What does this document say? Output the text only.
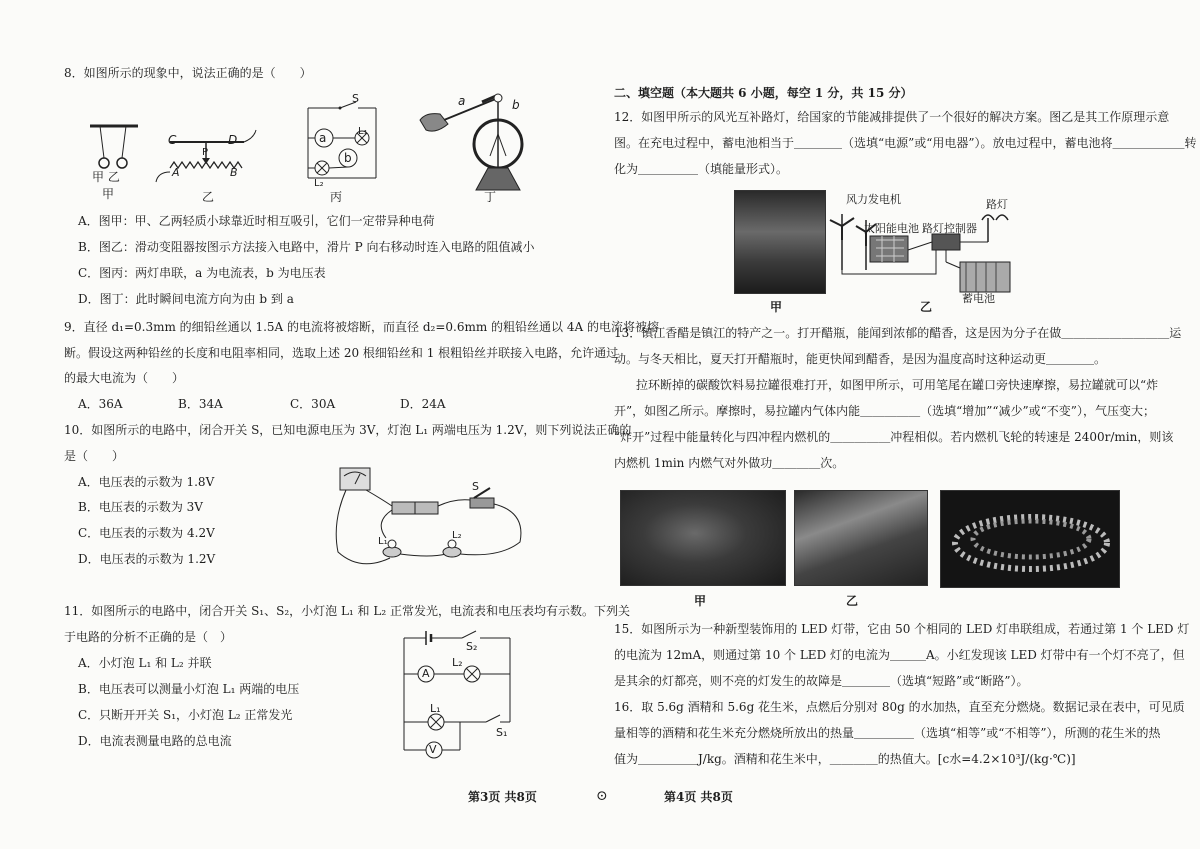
8．如图所示的现象中，说法正确的是（　　）
甲 乙
甲
C	D
P
A	B
乙
S
a	L₁
b
L₂
丙
a	b
丁
A．图甲：甲、乙两轻质小球靠近时相互吸引，它们一定带异种电荷
B．图乙：滑动变阻器按图示方法接入电路中，滑片 P 向右移动时连入电路的阻值减小
C．图丙：两灯串联，a 为电流表，b 为电压表
D．图丁：此时瞬间电流方向为由 b 到 a
9．直径 d₁=0.3mm 的细铅丝通以 1.5A 的电流将被熔断，而直径 d₂=0.6mm 的粗铅丝通以 4A 的电流将被熔
断。假设这两种铅丝的长度和电阻率相同，选取上述 20 根细铅丝和 1 根粗铅丝并联接入电路，允许通过
的最大电流为（　　）
A．36A	B．34A	C．30A	D．24A
10．如图所示的电路中，闭合开关 S，已知电源电压为 3V，灯泡 L₁ 两端电压为 1.2V，则下列说法正确的
是（　　）
A．电压表的示数为 1.8V
B．电压表的示数为 3V
C．电压表的示数为 4.2V
D．电压表的示数为 1.2V
S
L₁
L₂
11．如图所示的电路中，闭合开关 S₁、S₂，小灯泡 L₁ 和 L₂ 正常发光，电流表和电压表均有示数。下列关
于电路的分析不正确的是（　）
A．小灯泡 L₁ 和 L₂ 并联
B．电压表可以测量小灯泡 L₁ 两端的电压
C．只断开开关 S₁，小灯泡 L₂ 正常发光
D．电流表测量电路的总电流
S₂
A
L₂
L₁
S₁
V
第3页 共8页	⊙
二、填空题（本大题共 6 小题，每空 1 分，共 15 分）
12．如图甲所示的风光互补路灯，给国家的节能减排提供了一个很好的解决方案。图乙是其工作原理示意
图。在充电过程中，蓄电池相当于＿＿＿＿（选填“电源”或“用电器”）。放电过程中，蓄电池将＿＿＿＿＿＿转
化为＿＿＿＿＿（填能量形式）。
甲
风力发电机
太阳能电池 路灯控制器
路灯
蓄电池
乙
13．镇江香醋是镇江的特产之一。打开醋瓶，能闻到浓郁的醋香，这是因为分子在做＿＿＿＿＿＿＿＿＿运
动。与冬天相比，夏天打开醋瓶时，能更快闻到醋香，是因为温度高时这种运动更＿＿＿＿。
拉环断掉的碳酸饮料易拉罐很难打开，如图甲所示，可用笔尾在罐口旁快速摩擦，易拉罐就可以“炸
开”，如图乙所示。摩擦时，易拉罐内气体内能＿＿＿＿＿（选填“增加”“减少”或“不变”），气压变大；
“炸开”过程中能量转化与四冲程内燃机的＿＿＿＿＿冲程相似。若内燃机飞轮的转速是 2400r/min，则该
内燃机 1min 内燃气对外做功＿＿＿＿次。
甲	乙
15．如图所示为一种新型装饰用的 LED 灯带，它由 50 个相同的 LED 灯串联组成，若通过第 1 个 LED 灯
的电流为 12mA，则通过第 10 个 LED 灯的电流为＿＿＿A。小红发现该 LED 灯带中有一个灯不亮了，但
是其余的灯都亮，则不亮的灯发生的故障是＿＿＿＿（选填“短路”或“断路”）。
16．取 5.6g 酒精和 5.6g 花生米，点燃后分别对 80g 的水加热，直至充分燃烧。数据记录在表中，可见质
量相等的酒精和花生米充分燃烧所放出的热量＿＿＿＿＿（选填“相等”或“不相等”），所测的花生米的热
值为＿＿＿＿＿J/kg。酒精和花生米中，＿＿＿＿的热值大。[c水=4.2×10³J/(kg·℃)]
第4页 共8页
